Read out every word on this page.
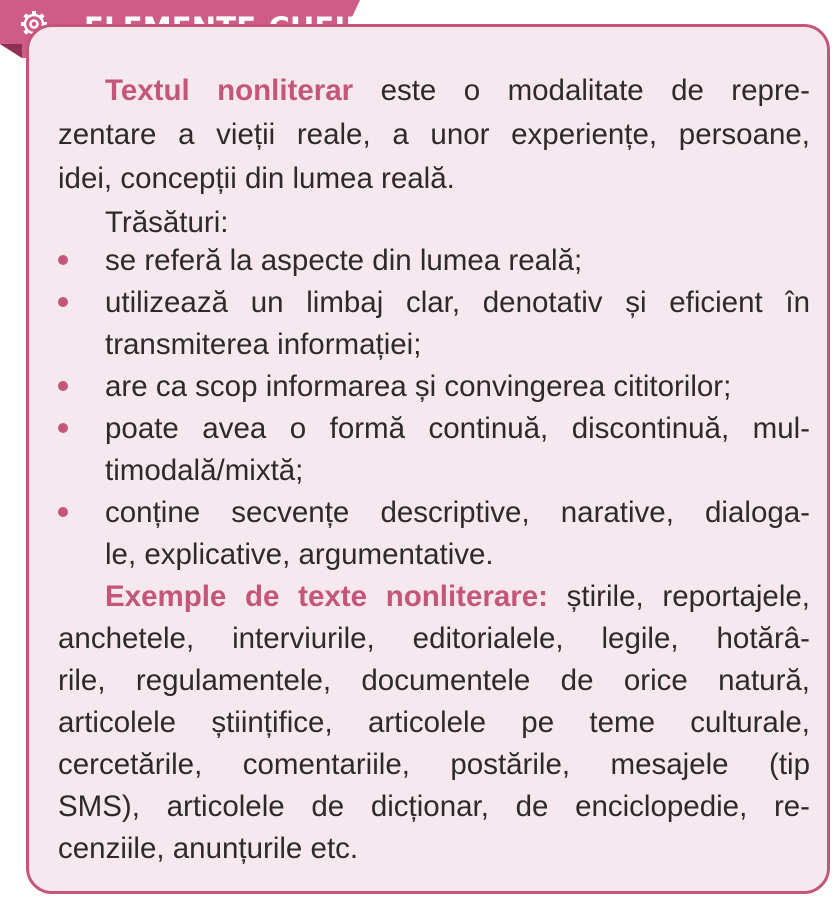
Textul nonliterar este o modalitate de repre-
zentare a vieții reale, a unor experiențe, persoane,
idei, concepții din lumea reală.
Trăsături:
se referă la aspecte din lumea reală;
utilizează un limbaj clar, denotativ și eficient în
transmiterea informației;
are ca scop informarea și convingerea cititorilor;
poate avea o formă continuă, discontinuă, mul-
timodală/mixtă;
conține secvențe descriptive, narative, dialoga-
le, explicative, argumentative.
Exemple de texte nonliterare: știrile, reportajele,
anchetele, interviurile, editorialele, legile, hotărâ-
rile, regulamentele, documentele de orice natură,
articolele științifice, articolele pe teme culturale,
cercetările, comentariile, postările, mesajele (tip
SMS), articolele de dicționar, de enciclopedie, re-
cenziile, anunțurile etc.
